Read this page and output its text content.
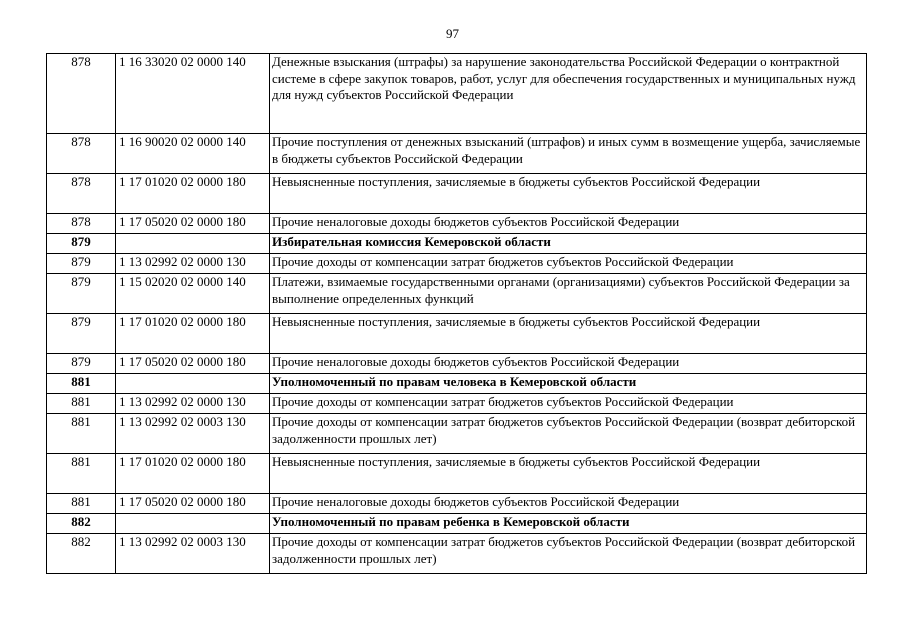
97
878	1 16 33020 02 0000 140	Денежные взыскания (штрафы) за нарушение законодательства Российской Федерации о контрактной системе в сфере закупок товаров, работ, услуг для обеспечения государственных и муниципальных нужд для нужд субъектов Российской Федерации
878	1 16 90020 02 0000 140	Прочие поступления от денежных взысканий (штрафов) и иных сумм в возмещение ущерба, зачисляемые в бюджеты субъектов Российской Федерации
878	1 17 01020 02 0000 180	Невыясненные поступления, зачисляемые в бюджеты субъектов Российской Федерации
878	1 17 05020 02 0000 180	Прочие неналоговые доходы бюджетов субъектов Российской Федерации
879		Избирательная комиссия Кемеровской области
879	1 13 02992 02 0000 130	Прочие доходы от компенсации затрат бюджетов субъектов Российской Федерации
879	1 15 02020 02 0000 140	Платежи, взимаемые государственными органами (организациями) субъектов Российской Федерации за выполнение определенных функций
879	1 17 01020 02 0000 180	Невыясненные поступления, зачисляемые в бюджеты субъектов Российской Федерации
879	1 17 05020 02 0000 180	Прочие неналоговые доходы бюджетов субъектов Российской Федерации
881		Уполномоченный по правам человека в Кемеровской области
881	1 13 02992 02 0000 130	Прочие доходы от компенсации затрат бюджетов субъектов Российской Федерации
881	1 13 02992 02 0003 130	Прочие доходы от компенсации затрат бюджетов субъектов Российской Федерации (возврат дебиторской задолженности прошлых лет)
881	1 17 01020 02 0000 180	Невыясненные поступления, зачисляемые в бюджеты субъектов Российской Федерации
881	1 17 05020 02 0000 180	Прочие неналоговые доходы бюджетов субъектов Российской Федерации
882		Уполномоченный по правам ребенка в Кемеровской области
882	1 13 02992 02 0003 130	Прочие доходы от компенсации затрат бюджетов субъектов Российской Федерации (возврат дебиторской задолженности прошлых лет)
